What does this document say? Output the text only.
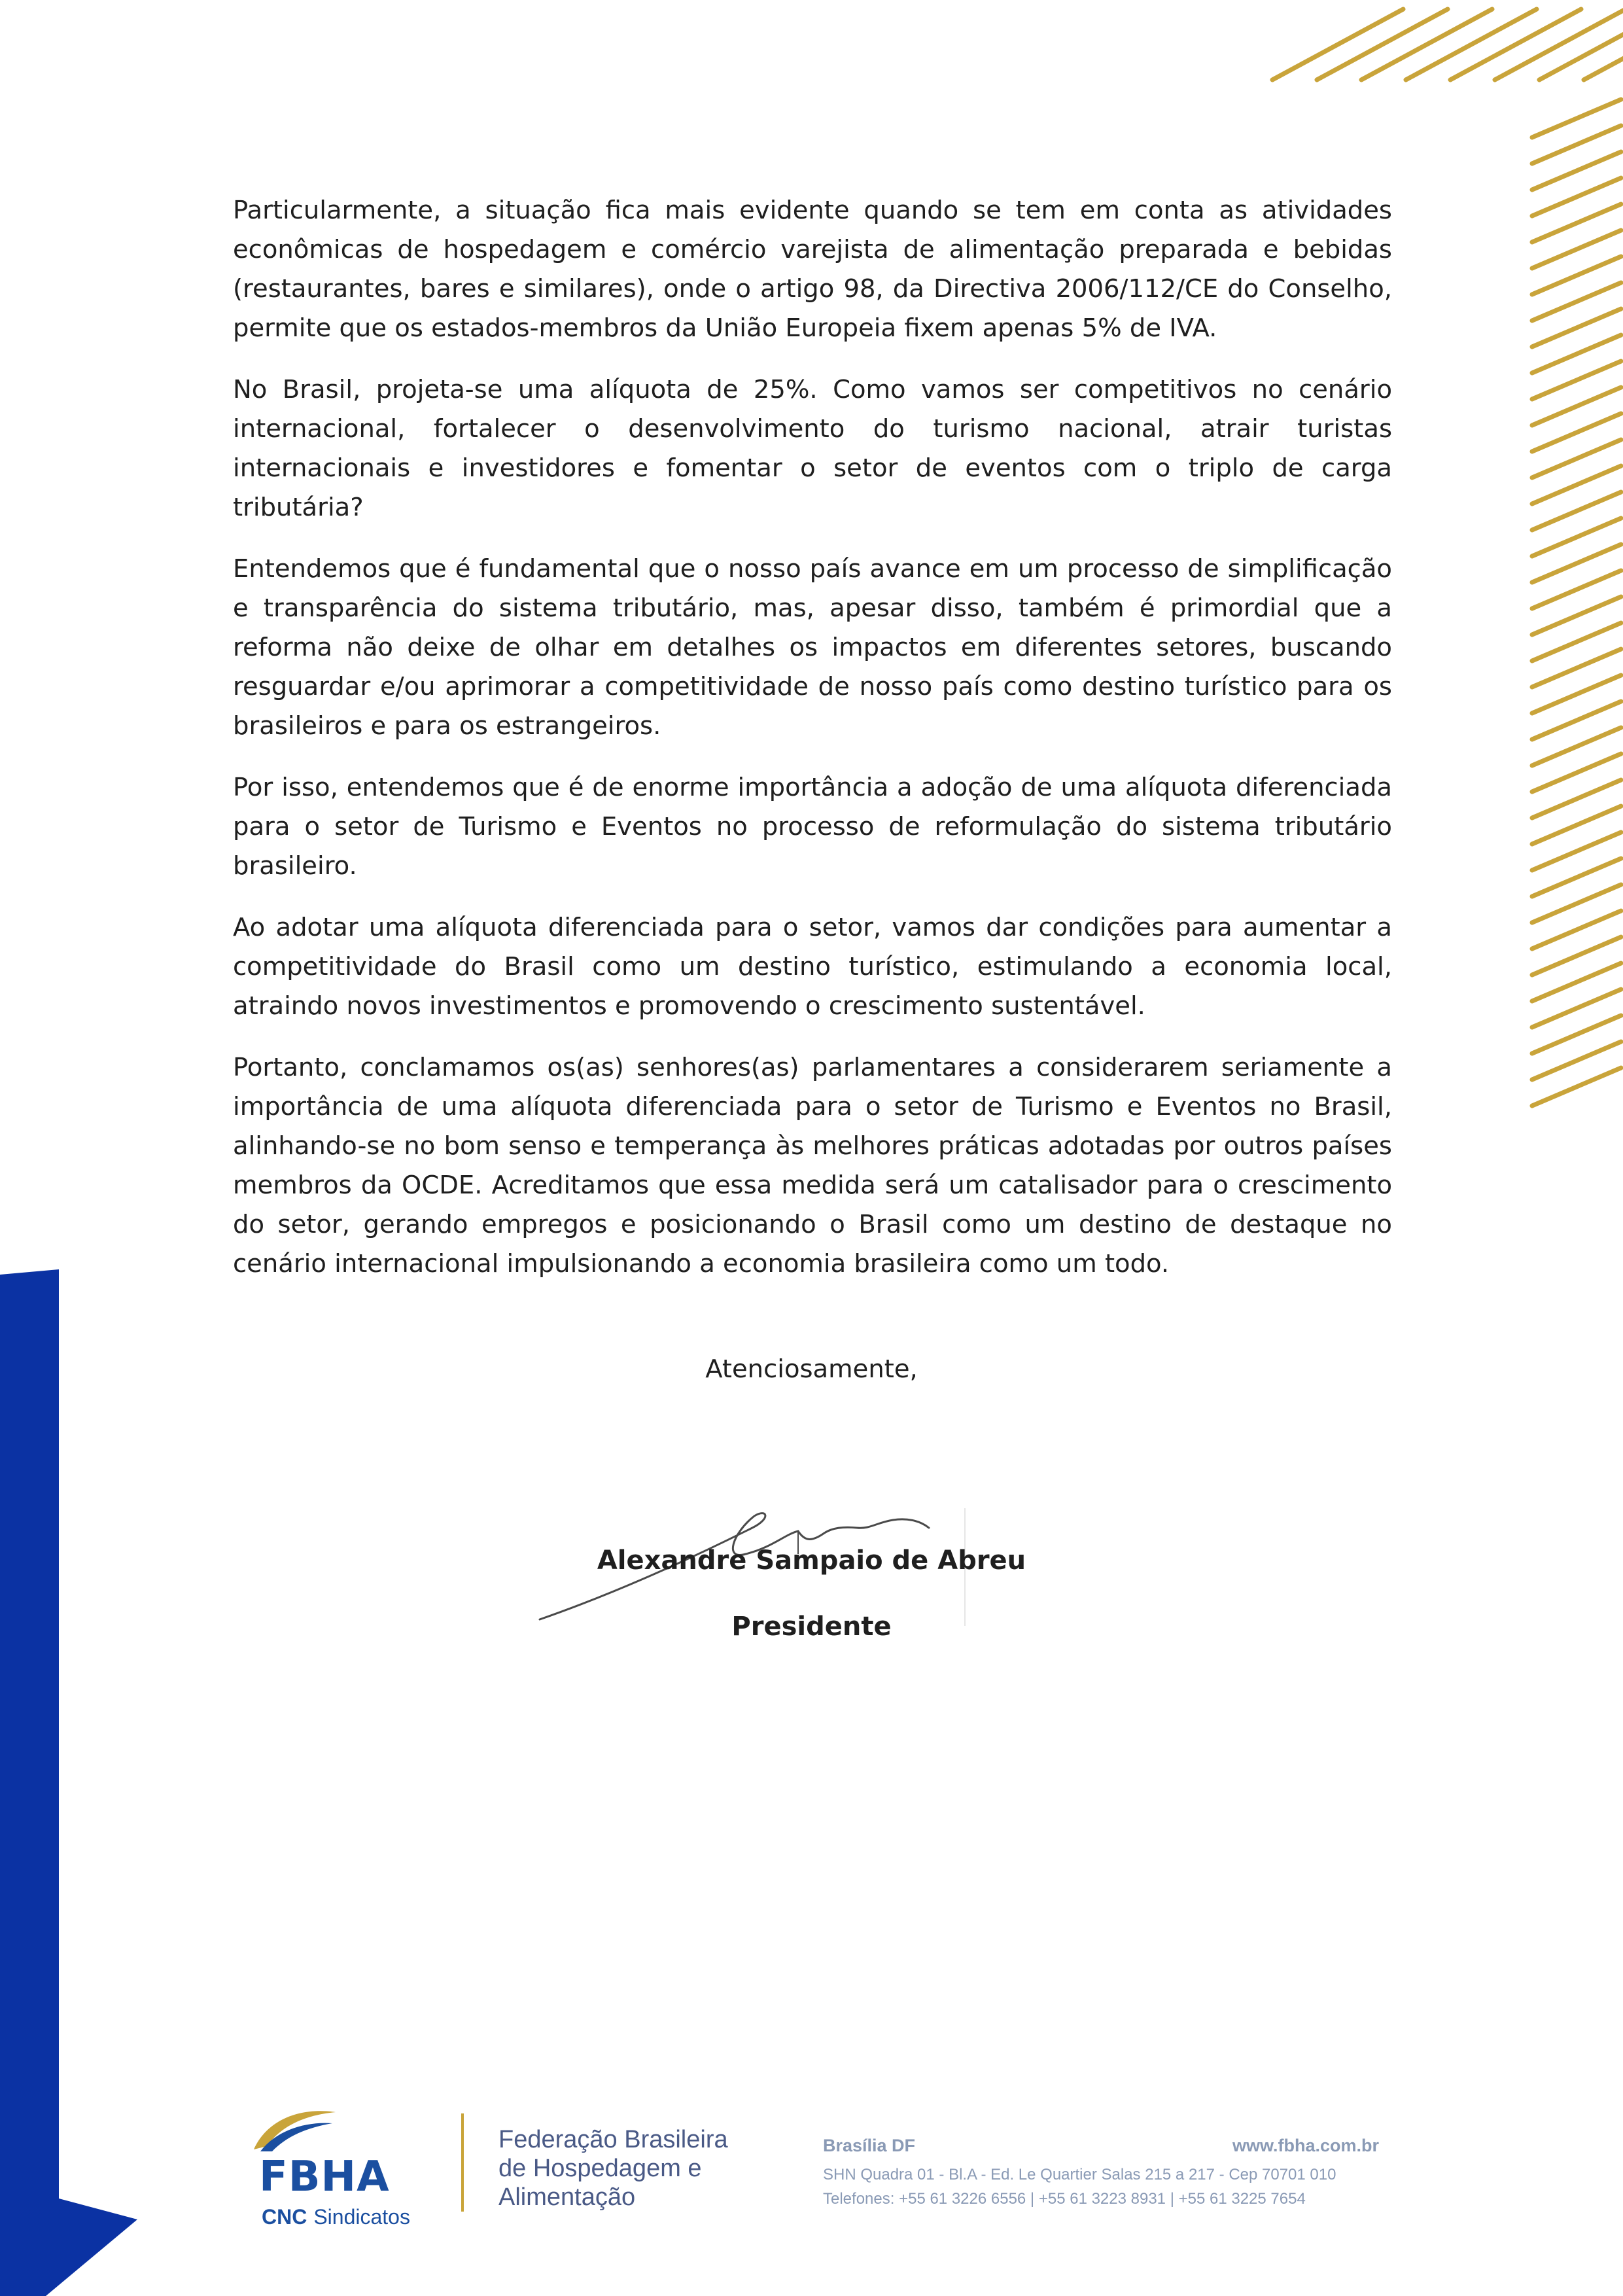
Particularmente, a situação fica mais evidente quando se tem em conta as atividades econômicas de hospedagem e comércio varejista de alimentação preparada e bebidas (restaurantes, bares e similares), onde o artigo 98, da Directiva 2006/112/CE do Conselho, permite que os estados-membros da União Europeia fixem apenas 5% de IVA.

No Brasil, projeta-se uma alíquota de 25%. Como vamos ser competitivos no cenário internacional, fortalecer o desenvolvimento do turismo nacional, atrair turistas internacionais e investidores e fomentar o setor de eventos com o triplo de carga tributária?

Entendemos que é fundamental que o nosso país avance em um processo de simplificação e transparência do sistema tributário, mas, apesar disso, também é primordial que a reforma não deixe de olhar em detalhes os impactos em diferentes setores, buscando resguardar e/ou aprimorar a competitividade de nosso país como destino turístico para os brasileiros e para os estrangeiros.

Por isso, entendemos que é de enorme importância a adoção de uma alíquota diferenciada para o setor de Turismo e Eventos no processo de reformulação do sistema tributário brasileiro.

Ao adotar uma alíquota diferenciada para o setor, vamos dar condições para aumentar a competitividade do Brasil como um destino turístico, estimulando a economia local, atraindo novos investimentos e promovendo o crescimento sustentável.

Portanto, conclamamos os(as) senhores(as) parlamentares a considerarem seriamente a importância de uma alíquota diferenciada para o setor de Turismo e Eventos no Brasil, alinhando-se no bom senso e temperança às melhores práticas adotadas por outros países membros da OCDE. Acreditamos que essa medida será um catalisador para o crescimento do setor, gerando empregos e posicionando o Brasil como um destino de destaque no cenário internacional impulsionando a economia brasileira como um todo.

Atenciosamente,
Alexandre Sampaio de Abreu
Presidente
FBHA
CNC Sindicatos
Federação Brasileira
de Hospedagem e
Alimentação
Brasília DF	www.fbha.com.br
SHN Quadra 01 - Bl.A - Ed. Le Quartier Salas 215 a 217 - Cep 70701 010
Telefones: +55 61 3226 6556 | +55 61 3223 8931 | +55 61 3225 7654
